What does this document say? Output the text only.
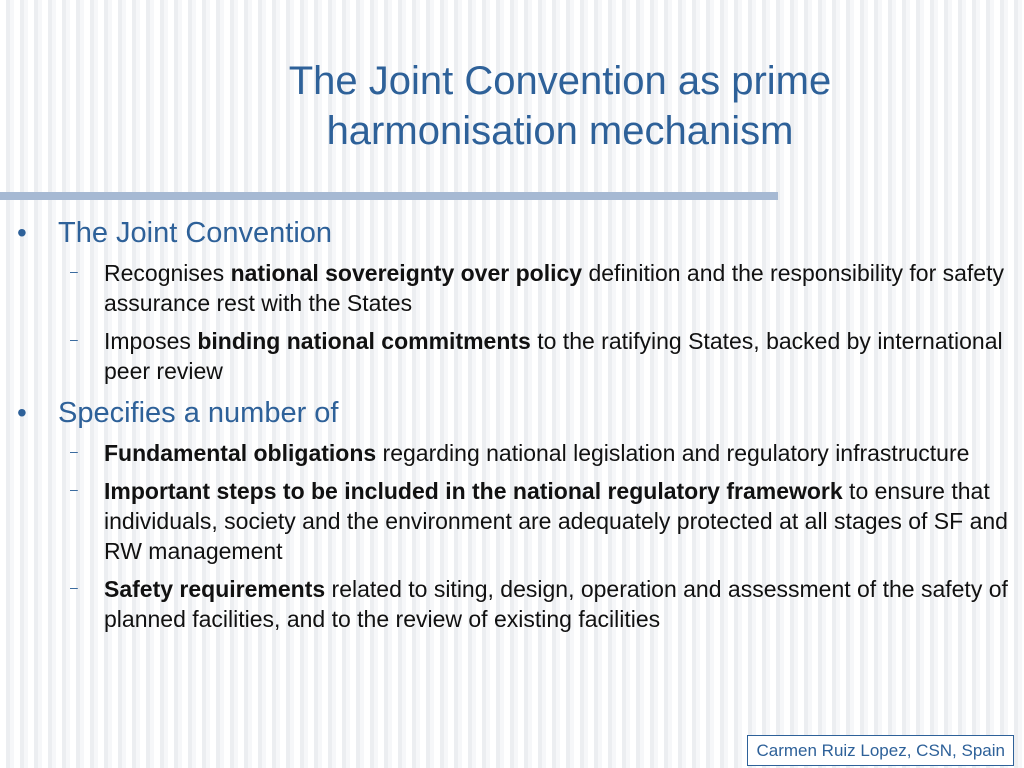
The Joint Convention as prime
harmonisation mechanism
• The Joint Convention
– Recognises national sovereignty over policy definition and the responsibility for safety assurance rest with the States
– Imposes binding national commitments to the ratifying States, backed by international peer review
• Specifies a number of
– Fundamental obligations regarding national legislation and regulatory infrastructure
– Important steps to be included in the national regulatory framework to ensure that individuals, society and the environment are adequately protected at all stages of SF and RW management
– Safety requirements related to siting, design, operation and assessment of the safety of planned facilities, and to the review of existing facilities
Carmen Ruiz Lopez, CSN, Spain
